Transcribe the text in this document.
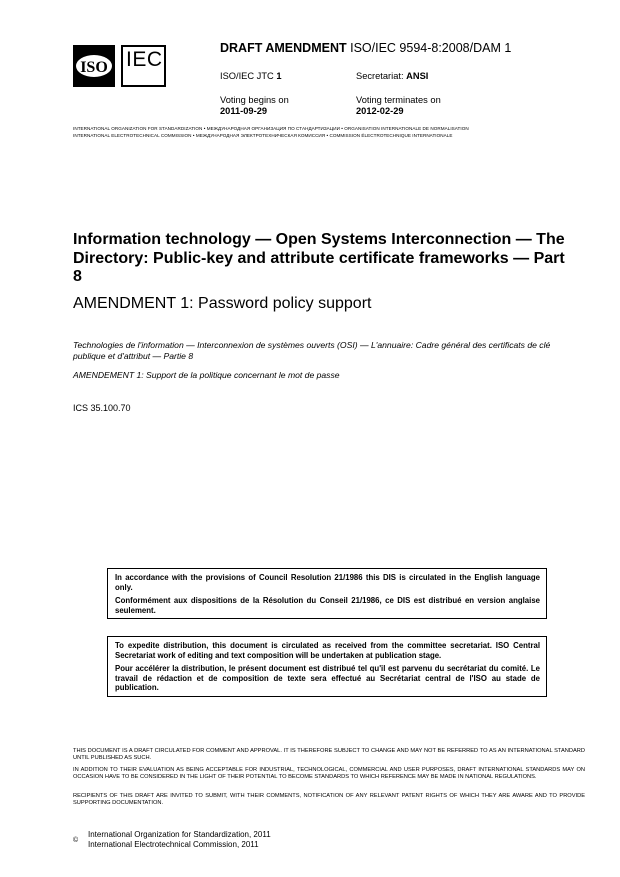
ISO IEC	DRAFT AMENDMENT ISO/IEC 9594-8:2008/DAM 1
ISO/IEC JTC 1	Secretariat: ANSI
Voting begins on
2011-09-29
Voting terminates on
2012-02-29
INTERNATIONAL ORGANIZATION FOR STANDARDIZATION • МЕЖДУНАРОДНАЯ ОРГАНИЗАЦИЯ ПО СТАНДАРТИЗАЦИИ • ORGANISATION INTERNATIONALE DE NORMALISATION
INTERNATIONAL ELECTROTECHNICAL COMMISSION • МЕЖДУНАРОДНАЯ ЭЛЕКТРОТЕХНИЧЕСКАЯ КОМИССИЯ • COMMISSION ÉLECTROTECHNIQUE INTERNATIONALE
Information technology — Open Systems Interconnection — The Directory: Public-key and attribute certificate frameworks — Part 8
AMENDMENT 1: Password policy support
Technologies de l'information — Interconnexion de systèmes ouverts (OSI) — L'annuaire: Cadre général des certificats de clé publique et d'attribut — Partie 8
AMENDEMENT 1: Support de la politique concernant le mot de passe
ICS 35.100.70

In accordance with the provisions of Council Resolution 21/1986 this DIS is circulated in the English language only.

Conformément aux dispositions de la Résolution du Conseil 21/1986, ce DIS est distribué en version anglaise seulement.

To expedite distribution, this document is circulated as received from the committee secretariat. ISO Central Secretariat work of editing and text composition will be undertaken at publication stage.

Pour accélérer la distribution, le présent document est distribué tel qu'il est parvenu du secrétariat du comité. Le travail de rédaction et de composition de texte sera effectué au Secrétariat central de l'ISO au stade de publication.

THIS DOCUMENT IS A DRAFT CIRCULATED FOR COMMENT AND APPROVAL. IT IS THEREFORE SUBJECT TO CHANGE AND MAY NOT BE REFERRED TO AS AN INTERNATIONAL STANDARD UNTIL PUBLISHED AS SUCH.
IN ADDITION TO THEIR EVALUATION AS BEING ACCEPTABLE FOR INDUSTRIAL, TECHNOLOGICAL, COMMERCIAL AND USER PURPOSES, DRAFT INTERNATIONAL STANDARDS MAY ON OCCASION HAVE TO BE CONSIDERED IN THE LIGHT OF THEIR POTENTIAL TO BECOME STANDARDS TO WHICH REFERENCE MAY BE MADE IN NATIONAL REGULATIONS.
RECIPIENTS OF THIS DRAFT ARE INVITED TO SUBMIT, WITH THEIR COMMENTS, NOTIFICATION OF ANY RELEVANT PATENT RIGHTS OF WHICH THEY ARE AWARE AND TO PROVIDE SUPPORTING DOCUMENTATION.
©
International Organization for Standardization, 2011
International Electrotechnical Commission, 2011
